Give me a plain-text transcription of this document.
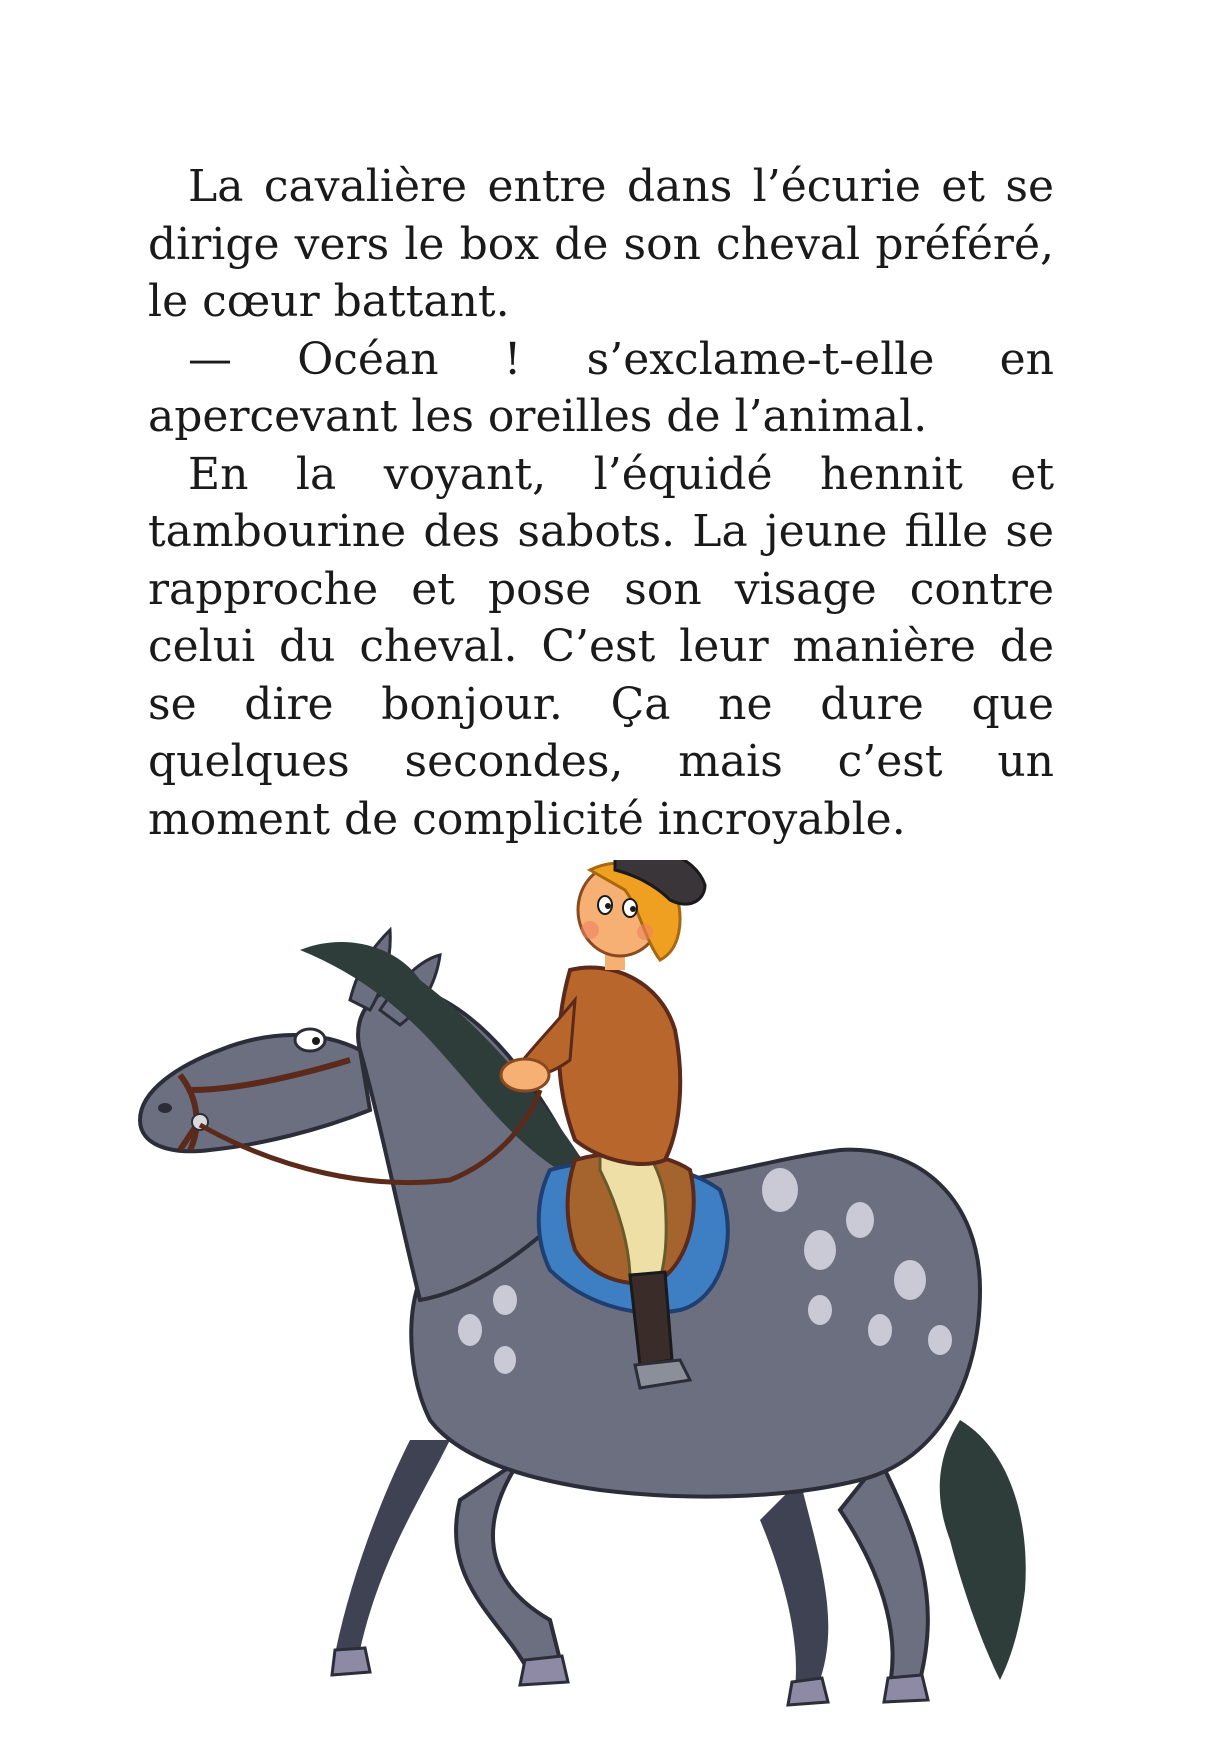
La cavalière entre dans l’écurie et se dirige vers le box de son cheval préféré, le cœur battant.

— Océan ! s’exclame-t-elle en apercevant les oreilles de l’animal.

En la voyant, l’équidé hennit et tambourine des sabots. La jeune fille se rapproche et pose son visage contre celui du cheval. C’est leur manière de se dire bonjour. Ça ne dure que quelques secondes, mais c’est un moment de complicité incroyable.
